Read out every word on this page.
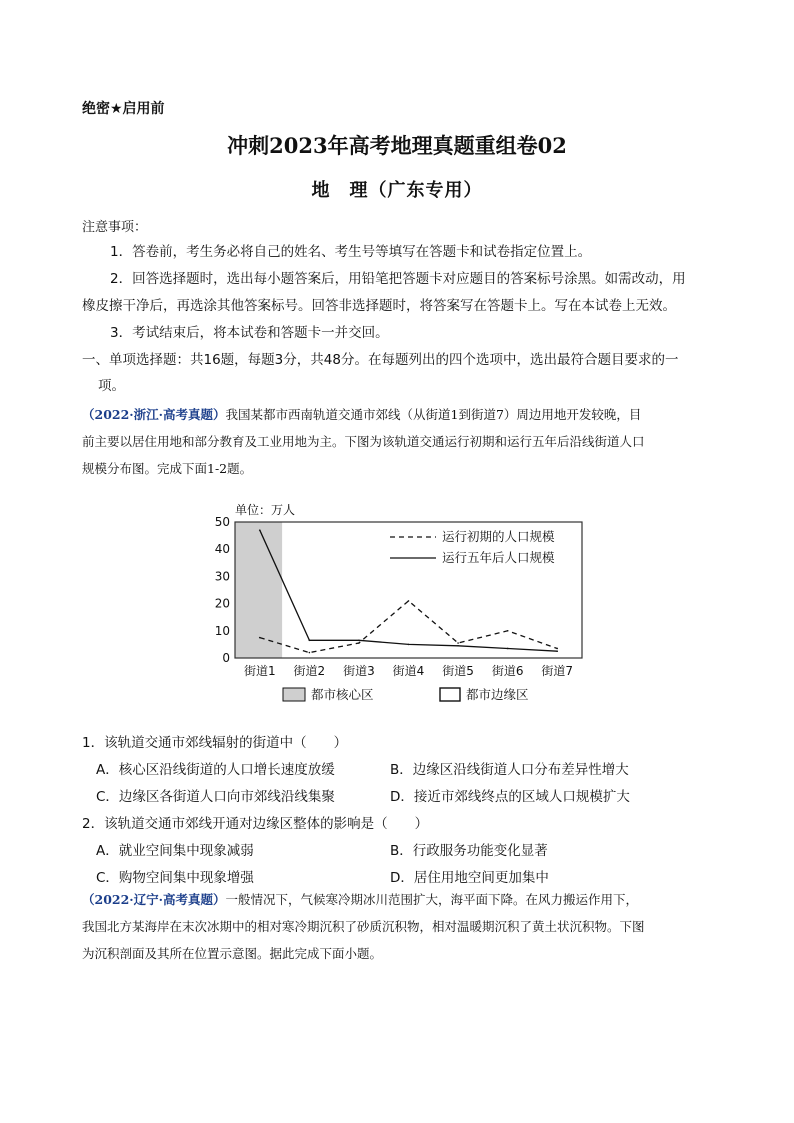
绝密★启用前
冲刺2023年高考地理真题重组卷02
地　理（广东专用）
注意事项：
1．答卷前，考生务必将自己的姓名、考生号等填写在答题卡和试卷指定位置上。
2．回答选择题时，选出每小题答案后，用铅笔把答题卡对应题目的答案标号涂黑。如需改动，用
橡皮擦干净后，再选涂其他答案标号。回答非选择题时，将答案写在答题卡上。写在本试卷上无效。
3．考试结束后，将本试卷和答题卡一并交回。
一、单项选择题：共16题，每题3分，共48分。在每题列出的四个选项中，选出最符合题目要求的一
项。
（2022·浙江·高考真题）我国某都市西南轨道交通市郊线（从街道1到街道7）周边用地开发较晚，目
前主要以居住用地和部分教育及工业用地为主。下图为该轨道交通运行初期和运行五年后沿线街道人口
规模分布图。完成下面1-2题。
单位：万人
0
10
20
30
40
50
街道1 街道2 街道3 街道4 街道5 街道6 街道7
运行初期的人口规模
运行五年后人口规模
都市核心区	都市边缘区
1．该轨道交通市郊线辐射的街道中（　　）
A．核心区沿线街道的人口增长速度放缓	B．边缘区沿线街道人口分布差异性增大
C．边缘区各街道人口向市郊线沿线集聚	D．接近市郊线终点的区域人口规模扩大
2．该轨道交通市郊线开通对边缘区整体的影响是（　　）
A．就业空间集中现象减弱	B．行政服务功能变化显著
C．购物空间集中现象增强	D．居住用地空间更加集中
（2022·辽宁·高考真题）一般情况下，气候寒冷期冰川范围扩大，海平面下降。在风力搬运作用下，
我国北方某海岸在末次冰期中的相对寒冷期沉积了砂质沉积物，相对温暖期沉积了黄土状沉积物。下图
为沉积剖面及其所在位置示意图。据此完成下面小题。
